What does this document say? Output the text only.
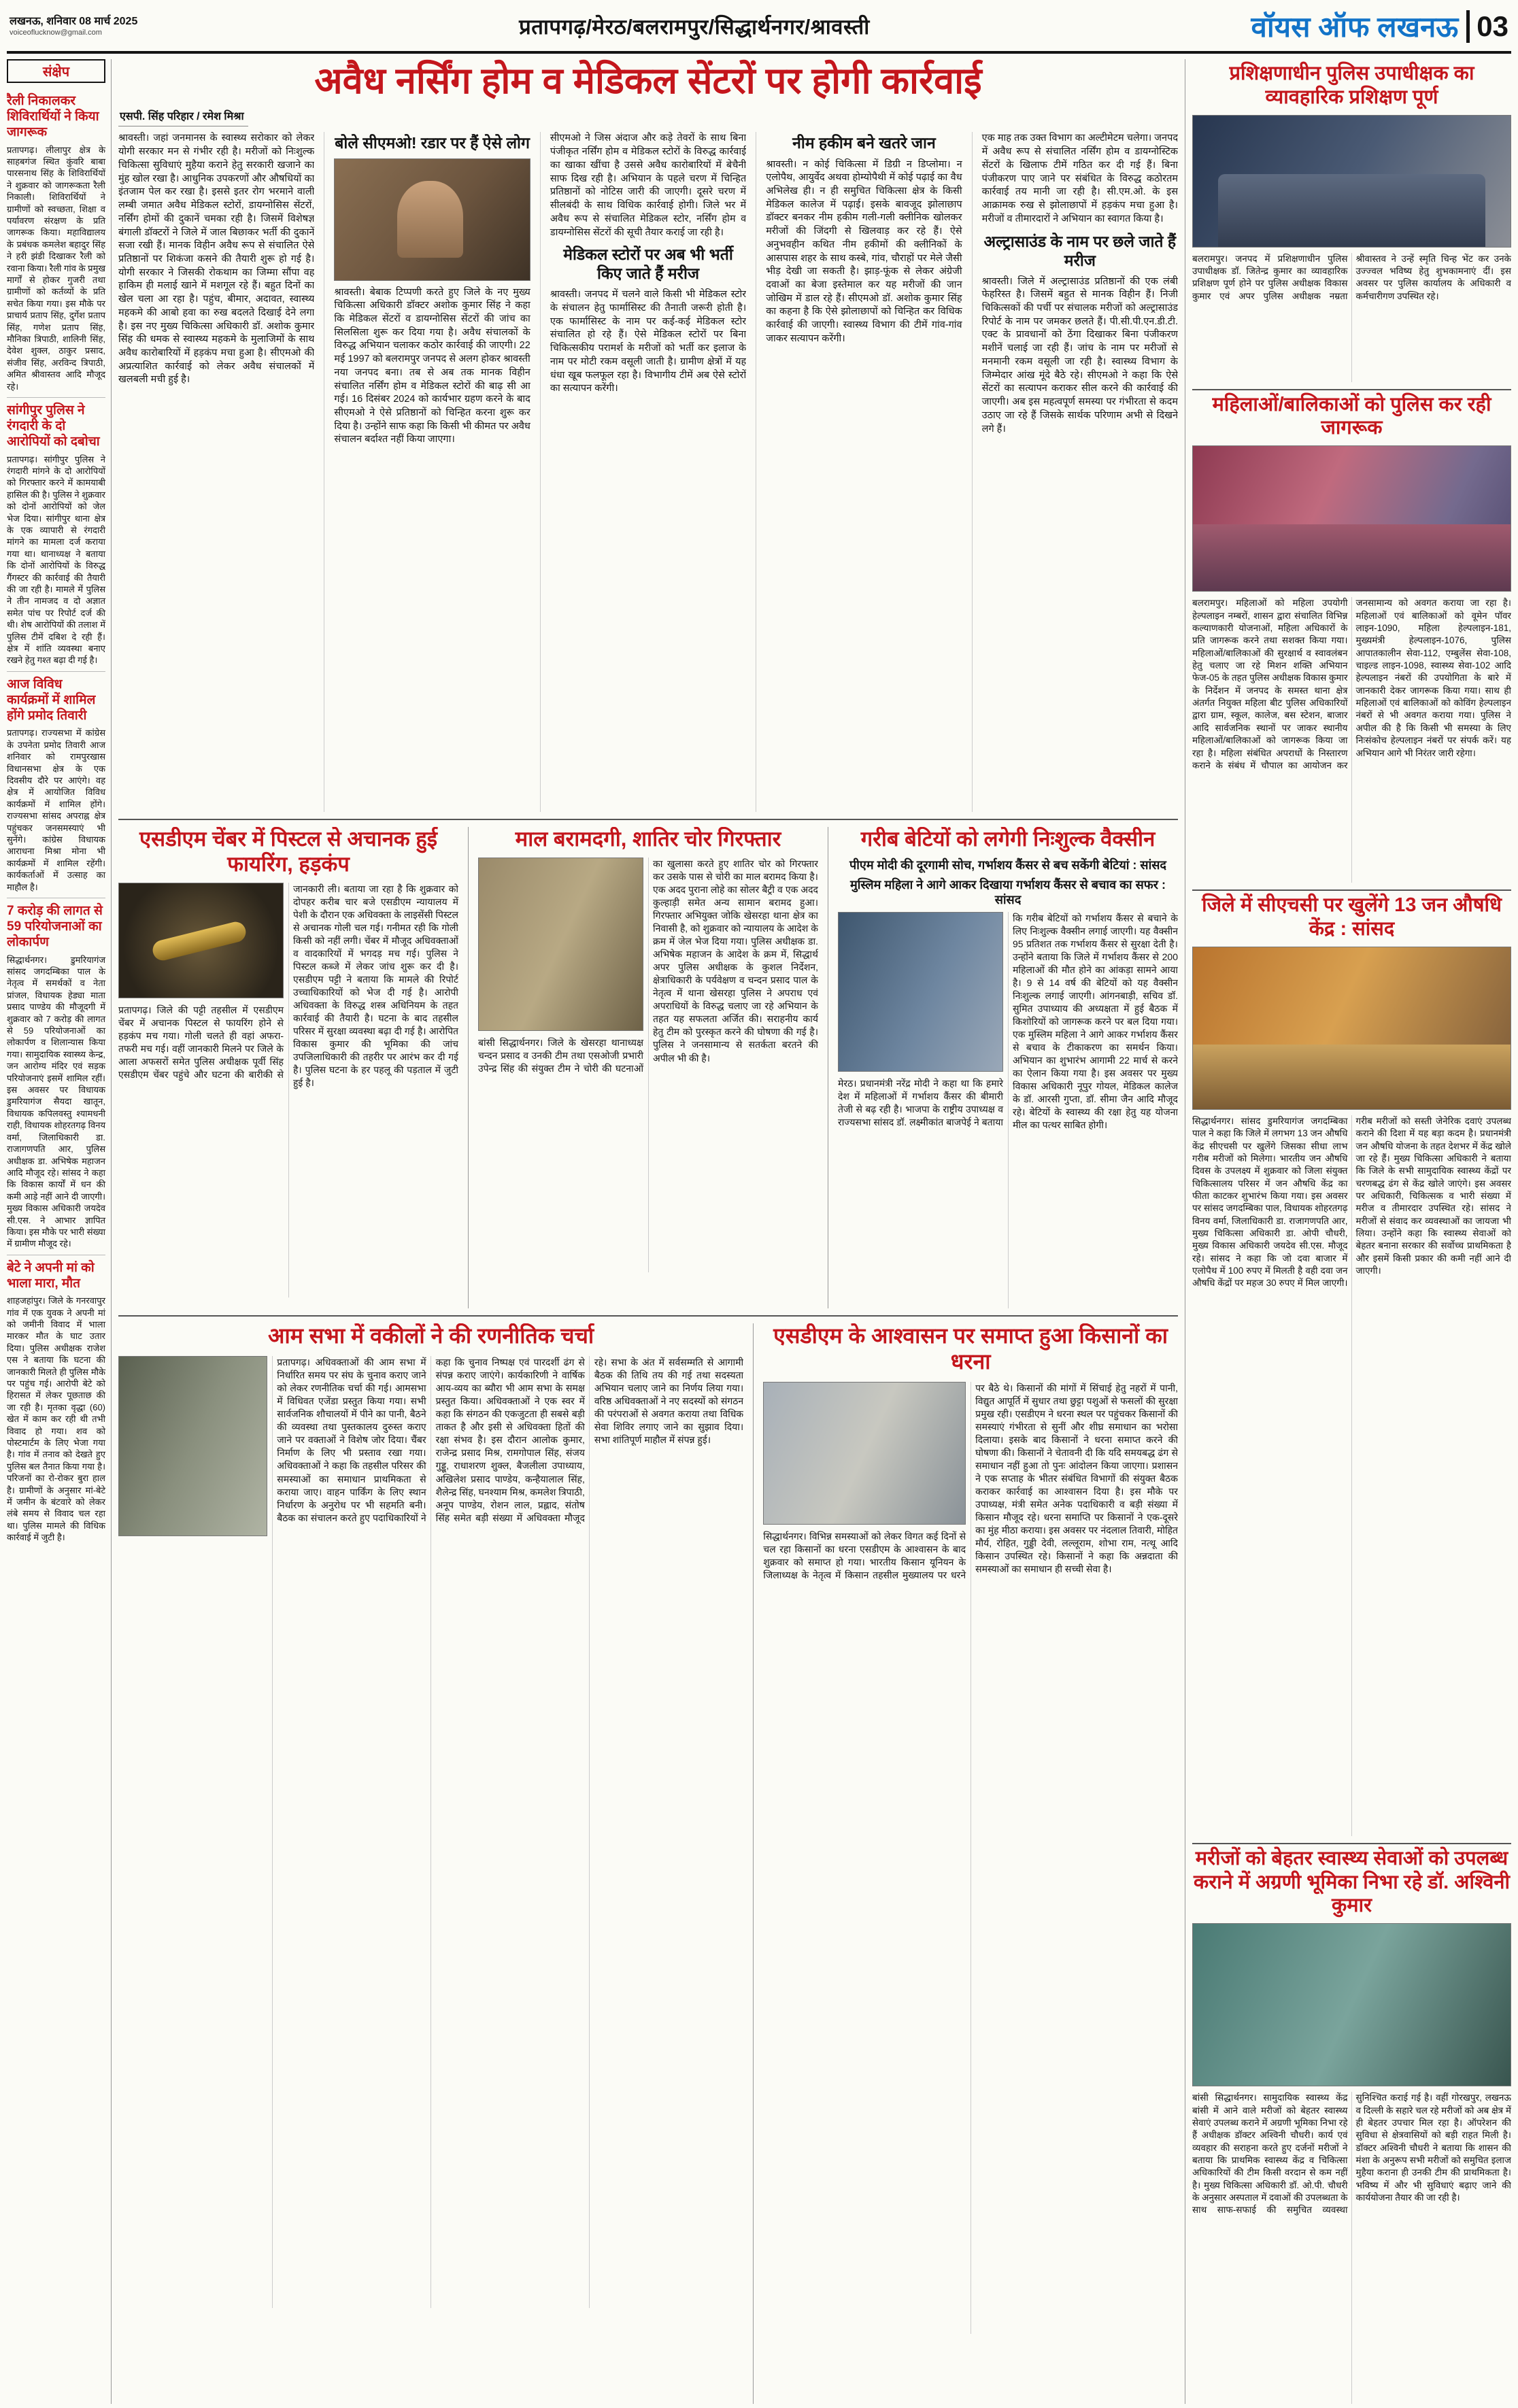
लखनऊ, शनिवार 08 मार्च 2025
voiceoflucknow@gmail.com	प्रतापगढ़/मेरठ/बलरामपुर/सिद्धार्थनगर/श्रावस्ती	वॉयस ऑफ लखनऊ 03
संक्षेप
रैली निकालकर शिविरार्थियों ने किया जागरूक

प्रतापगढ़। लीलापुर क्षेत्र के साहबगंज स्थित कुंवरि बाबा पारसनाथ सिंह के शिविरार्थियों ने शुक्रवार को जागरूकता रैली निकाली। शिविरार्थियों ने ग्रामीणों को स्वच्छता, शिक्षा व पर्यावरण संरक्षण के प्रति जागरूक किया। महाविद्यालय के प्रबंधक कमलेश बहादुर सिंह ने हरी झंडी दिखाकर रैली को रवाना किया। रैली गांव के प्रमुख मार्गों से होकर गुजरी तथा ग्रामीणों को कर्तव्यों के प्रति सचेत किया गया। इस मौके पर प्राचार्य प्रताप सिंह, दुर्गेश प्रताप सिंह, गणेश प्रताप सिंह, मौनिका त्रिपाठी, शालिनी सिंह, देवेश शुक्ल, ठाकुर प्रसाद, संजीव सिंह, अरविन्द त्रिपाठी, अमित श्रीवास्तव आदि मौजूद रहे।

सांगीपुर पुलिस ने रंगदारी के दो आरोपियों को दबोचा

प्रतापगढ़। सांगीपुर पुलिस ने रंगदारी मांगने के दो आरोपियों को गिरफ्तार करने में कामयाबी हासिल की है। पुलिस ने शुक्रवार को दोनों आरोपियों को जेल भेज दिया। सांगीपुर थाना क्षेत्र के एक व्यापारी से रंगदारी मांगने का मामला दर्ज कराया गया था। थानाध्यक्ष ने बताया कि दोनों आरोपियों के विरुद्ध गैंगस्टर की कार्रवाई की तैयारी की जा रही है। मामले में पुलिस ने तीन नामजद व दो अज्ञात समेत पांच पर रिपोर्ट दर्ज की थी। शेष आरोपियों की तलाश में पुलिस टीमें दबिश दे रही हैं। क्षेत्र में शांति व्यवस्था बनाए रखने हेतु गश्त बढ़ा दी गई है।

आज विविध कार्यक्रमों में शामिल होंगे प्रमोद तिवारी

प्रतापगढ़। राज्यसभा में कांग्रेस के उपनेता प्रमोद तिवारी आज शनिवार को रामपुरखास विधानसभा क्षेत्र के एक दिवसीय दौरे पर आएंगे। वह क्षेत्र में आयोजित विविध कार्यक्रमों में शामिल होंगे। राज्यसभा सांसद अपराह्न क्षेत्र पहुंचकर जनसमस्याएं भी सुनेंगे। कांग्रेस विधायक आराधना मिश्रा मोना भी कार्यक्रमों में शामिल रहेंगी। कार्यकर्ताओं में उत्साह का माहौल है।

7 करोड़ की लागत से 59 परियोजनाओं का लोकार्पण

सिद्धार्थनगर। डुमरियागंज सांसद जगदम्बिका पाल के नेतृत्व में समर्थकों व नेता प्रांजल, विधायक हेड्या माता प्रसाद पाण्डेय की मौजूदगी में शुक्रवार को 7 करोड़ की लागत से 59 परियोजनाओं का लोकार्पण व शिलान्यास किया गया। सामुदायिक स्वास्थ्य केन्द्र, जन आरोग्य मंदिर एवं सड़क परियोजनाएं इसमें शामिल रहीं। इस अवसर पर विधायक डुमरियागंज सैयदा खातून, विधायक कपिलवस्तु श्यामधनी राही, विधायक शोहरतगढ़ विनय वर्मा, जिलाधिकारी डा. राजागणपति आर, पुलिस अधीक्षक डा. अभिषेक महाजन आदि मौजूद रहे। सांसद ने कहा कि विकास कार्यों में धन की कमी आड़े नहीं आने दी जाएगी। मुख्य विकास अधिकारी जयदेव सी.एस. ने आभार ज्ञापित किया। इस मौके पर भारी संख्या में ग्रामीण मौजूद रहे।

बेटे ने अपनी मां को भाला मारा, मौत

शाहजहांपुर। जिले के गनरवापुर गांव में एक युवक ने अपनी मां को जमीनी विवाद में भाला मारकर मौत के घाट उतार दिया। पुलिस अधीक्षक राजेश एस ने बताया कि घटना की जानकारी मिलते ही पुलिस मौके पर पहुंच गई। आरोपी बेटे को हिरासत में लेकर पूछताछ की जा रही है। मृतका वृद्धा (60) खेत में काम कर रही थी तभी विवाद हो गया। शव को पोस्टमार्टम के लिए भेजा गया है। गांव में तनाव को देखते हुए पुलिस बल तैनात किया गया है। परिजनों का रो-रोकर बुरा हाल है। ग्रामीणों के अनुसार मां-बेटे में जमीन के बंटवारे को लेकर लंबे समय से विवाद चल रहा था। पुलिस मामले की विधिक कार्रवाई में जुटी है।

अवैध नर्सिंग होम व मेडिकल सेंटरों पर होगी कार्रवाई
एसपी. सिंह परिहार / रमेश मिश्रा

श्रावस्ती। जहां जनमानस के स्वास्थ्य सरोकार को लेकर योगी सरकार मन से गंभीर रही है। मरीजों को निःशुल्क चिकित्सा सुविधाएं मुहैया कराने हेतु सरकारी खजाने का मुंह खोल रखा है। आधुनिक उपकरणों और औषधियों का इंतजाम पेल कर रखा है। इससे इतर रोग भरमाने वाली लम्बी जमात अवैध मेडिकल स्टोरों, डायग्नोसिस सेंटरों, नर्सिंग होमों की दुकानें चमका रही है। जिसमें विशेषज्ञ बंगाली डॉक्टरों ने जिले में जाल बिछाकर भर्ती की दुकानें सजा रखी हैं। मानक विहीन अवैध रूप से संचालित ऐसे प्रतिष्ठानों पर शिकंजा कसने की तैयारी शुरू हो गई है। योगी सरकार ने जिसकी रोकथाम का जिम्मा सौंपा वह हाकिम ही मलाई खाने में मशगूल रहे हैं। बहुत दिनों का खेल चला आ रहा है। पहुंच, बीमार, अदावत, स्वास्थ्य महकमे की आबो हवा का रुख बदलते दिखाई देने लगा है। इस नए मुख्य चिकित्सा अधिकारी डॉ. अशोक कुमार सिंह की धमक से स्वास्थ्य महकमे के मुलाजिमों के साथ अवैध कारोबारियों में हड़कंप मचा हुआ है। सीएमओ की अप्रत्याशित कार्रवाई को लेकर अवैध संचालकों में खलबली मची हुई है।

बोले सीएमओ! रडार पर हैं ऐसे लोग

श्रावस्ती। बेबाक टिप्पणी करते हुए जिले के नए मुख्य चिकित्सा अधिकारी डॉक्टर अशोक कुमार सिंह ने कहा कि मेडिकल सेंटरों व डायग्नोसिस सेंटरों की जांच का सिलसिला शुरू कर दिया गया है। अवैध संचालकों के विरुद्ध अभियान चलाकर कठोर कार्रवाई की जाएगी। 22 मई 1997 को बलरामपुर जनपद से अलग होकर श्रावस्ती नया जनपद बना। तब से अब तक मानक विहीन संचालित नर्सिंग होम व मेडिकल स्टोरों की बाढ़ सी आ गई। 16 दिसंबर 2024 को कार्यभार ग्रहण करने के बाद सीएमओ ने ऐसे प्रतिष्ठानों को चिन्हित करना शुरू कर दिया है। उन्होंने साफ कहा कि किसी भी कीमत पर अवैध संचालन बर्दाश्त नहीं किया जाएगा।

सीएमओ ने जिस अंदाज और कड़े तेवरों के साथ बिना पंजीकृत नर्सिंग होम व मेडिकल स्टोरों के विरुद्ध कार्रवाई का खाका खींचा है उससे अवैध कारोबारियों में बेचैनी साफ दिख रही है। अभियान के पहले चरण में चिन्हित प्रतिष्ठानों को नोटिस जारी की जाएगी। दूसरे चरण में सीलबंदी के साथ विधिक कार्रवाई होगी। जिले भर में अवैध रूप से संचालित मेडिकल स्टोर, नर्सिंग होम व डायग्नोसिस सेंटरों की सूची तैयार कराई जा रही है।

मेडिकल स्टोरों पर अब भी भर्ती किए जाते हैं मरीज

श्रावस्ती। जनपद में चलने वाले किसी भी मेडिकल स्टोर के संचालन हेतु फार्मासिस्ट की तैनाती जरूरी होती है। एक फार्मासिस्ट के नाम पर कई-कई मेडिकल स्टोर संचालित हो रहे हैं। ऐसे मेडिकल स्टोरों पर बिना चिकित्सकीय परामर्श के मरीजों को भर्ती कर इलाज के नाम पर मोटी रकम वसूली जाती है। ग्रामीण क्षेत्रों में यह धंधा खूब फलफूल रहा है। विभागीय टीमें अब ऐसे स्टोरों का सत्यापन करेंगी।

नीम हकीम बने खतरे जान

श्रावस्ती। न कोई चिकित्सा में डिग्री न डिप्लोमा। न एलोपैथ, आयुर्वेद अथवा होम्योपैथी में कोई पढ़ाई का वैध अभिलेख ही। न ही समुचित चिकित्सा क्षेत्र के किसी मेडिकल कालेज में पढ़ाई। इसके बावजूद झोलाछाप डॉक्टर बनकर नीम हकीम गली-गली क्लीनिक खोलकर मरीजों की जिंदगी से खिलवाड़ कर रहे हैं। ऐसे अनुभवहीन कथित नीम हकीमों की क्लीनिकों के आसपास शहर के साथ कस्बे, गांव, चौराहों पर मेले जैसी भीड़ देखी जा सकती है। झाड़-फूंक से लेकर अंग्रेजी दवाओं का बेजा इस्तेमाल कर यह मरीजों की जान जोखिम में डाल रहे हैं। सीएमओ डॉ. अशोक कुमार सिंह का कहना है कि ऐसे झोलाछापों को चिन्हित कर विधिक कार्रवाई की जाएगी। स्वास्थ्य विभाग की टीमें गांव-गांव जाकर सत्यापन करेंगी।

एक माह तक उक्त विभाग का अल्टीमेटम चलेगा। जनपद में अवैध रूप से संचालित नर्सिंग होम व डायग्नोस्टिक सेंटरों के खिलाफ टीमें गठित कर दी गई हैं। बिना पंजीकरण पाए जाने पर संबंधित के विरुद्ध कठोरतम कार्रवाई तय मानी जा रही है। सी.एम.ओ. के इस आक्रामक रुख से झोलाछापों में हड़कंप मचा हुआ है। मरीजों व तीमारदारों ने अभियान का स्वागत किया है।

अल्ट्रासाउंड के नाम पर छले जाते हैं मरीज

श्रावस्ती। जिले में अल्ट्रासाउंड प्रतिष्ठानों की एक लंबी फेहरिस्त है। जिसमें बहुत से मानक विहीन हैं। निजी चिकित्सकों की पर्ची पर संचालक मरीजों को अल्ट्रासाउंड रिपोर्ट के नाम पर जमकर छलते हैं। पी.सी.पी.एन.डी.टी. एक्ट के प्रावधानों को ठेंगा दिखाकर बिना पंजीकरण मशीनें चलाई जा रही हैं। जांच के नाम पर मरीजों से मनमानी रकम वसूली जा रही है। स्वास्थ्य विभाग के जिम्मेदार आंख मूंदे बैठे रहे। सीएमओ ने कहा कि ऐसे सेंटरों का सत्यापन कराकर सील करने की कार्रवाई की जाएगी। अब इस महत्वपूर्ण समस्या पर गंभीरता से कदम उठाए जा रहे हैं जिसके सार्थक परिणाम अभी से दिखने लगे हैं।

एसडीएम चेंबर में पिस्टल से अचानक हुई फायरिंग, हड़कंप

प्रतापगढ़। जिले की पट्टी तहसील में एसडीएम चेंबर में अचानक पिस्टल से फायरिंग होने से हड़कंप मच गया। गोली चलते ही वहां अफरा-तफरी मच गई। वहीं जानकारी मिलने पर जिले के आला अफसरों समेत पुलिस अधीक्षक पूर्वी सिंह एसडीएम चेंबर पहुंचे और घटना की बारीकी से जानकारी ली। बताया जा रहा है कि शुक्रवार को दोपहर करीब चार बजे एसडीएम न्यायालय में पेशी के दौरान एक अधिवक्ता के लाइसेंसी पिस्टल से अचानक गोली चल गई। गनीमत रही कि गोली किसी को नहीं लगी। चेंबर में मौजूद अधिवक्ताओं व वादकारियों में भगदड़ मच गई। पुलिस ने पिस्टल कब्जे में लेकर जांच शुरू कर दी है। एसडीएम पट्टी ने बताया कि मामले की रिपोर्ट उच्चाधिकारियों को भेज दी गई है। आरोपी अधिवक्ता के विरुद्ध शस्त्र अधिनियम के तहत कार्रवाई की तैयारी है। घटना के बाद तहसील परिसर में सुरक्षा व्यवस्था बढ़ा दी गई है। आरोपित विकास कुमार की भूमिका की जांच उपजिलाधिकारी की तहरीर पर आरंभ कर दी गई है। पुलिस घटना के हर पहलू की पड़ताल में जुटी हुई है।

माल बरामदगी, शातिर चोर गिरफ्तार

बांसी सिद्धार्थनगर। जिले के खेसरहा थानाध्यक्ष चन्दन प्रसाद व उनकी टीम तथा एसओजी प्रभारी उपेन्द्र सिंह की संयुक्त टीम ने चोरी की घटनाओं का खुलासा करते हुए शातिर चोर को गिरफ्तार कर उसके पास से चोरी का माल बरामद किया है। एक अदद पुराना लोहे का सोलर बैट्री व एक अदद कुल्हाड़ी समेत अन्य सामान बरामद हुआ। गिरफ्तार अभियुक्त जोकि खेसरहा थाना क्षेत्र का निवासी है, को शुक्रवार को न्यायालय के आदेश के क्रम में जेल भेज दिया गया। पुलिस अधीक्षक डा. अभिषेक महाजन के आदेश के क्रम में, सिद्धार्थ अपर पुलिस अधीक्षक के कुशल निर्देशन, क्षेत्राधिकारी के पर्यवेक्षण व चन्दन प्रसाद पाल के नेतृत्व में थाना खेसरहा पुलिस ने अपराध एवं अपराधियों के विरुद्ध चलाए जा रहे अभियान के तहत यह सफलता अर्जित की। सराहनीय कार्य हेतु टीम को पुरस्कृत करने की घोषणा की गई है। पुलिस ने जनसामान्य से सतर्कता बरतने की अपील भी की है।

गरीब बेटियों को लगेगी निःशुल्क वैक्सीन
पीएम मोदी की दूरगामी सोच, गर्भाशय कैंसर से बच सकेंगी बेटियां : सांसद
मुस्लिम महिला ने आगे आकर दिखाया गर्भाशय कैंसर से बचाव का सफर : सांसद

मेरठ। प्रधानमंत्री नरेंद्र मोदी ने कहा था कि हमारे देश में महिलाओं में गर्भाशय कैंसर की बीमारी तेजी से बढ़ रही है। भाजपा के राष्ट्रीय उपाध्यक्ष व राज्यसभा सांसद डॉ. लक्ष्मीकांत बाजपेई ने बताया कि गरीब बेटियों को गर्भाशय कैंसर से बचाने के लिए निःशुल्क वैक्सीन लगाई जाएगी। यह वैक्सीन 95 प्रतिशत तक गर्भाशय कैंसर से सुरक्षा देती है। उन्होंने बताया कि जिले में गर्भाशय कैंसर से 200 महिलाओं की मौत होने का आंकड़ा सामने आया है। 9 से 14 वर्ष की बेटियों को यह वैक्सीन निःशुल्क लगाई जाएगी। आंगनबाड़ी, सचिव डॉ. सुमित उपाध्याय की अध्यक्षता में हुई बैठक में किशोरियों को जागरूक करने पर बल दिया गया। एक मुस्लिम महिला ने आगे आकर गर्भाशय कैंसर से बचाव के टीकाकरण का समर्थन किया। अभियान का शुभारंभ आगामी 22 मार्च से करने का ऐलान किया गया है। इस अवसर पर मुख्य विकास अधिकारी नूपुर गोयल, मेडिकल कालेज के डॉ. आरसी गुप्ता, डॉ. सीमा जैन आदि मौजूद रहे। बेटियों के स्वास्थ्य की रक्षा हेतु यह योजना मील का पत्थर साबित होगी।

आम सभा में वकीलों ने की रणनीतिक चर्चा

प्रतापगढ़। अधिवक्ताओं की आम सभा में निर्धारित समय पर संघ के चुनाव कराए जाने को लेकर रणनीतिक चर्चा की गई। आमसभा में विधिवत एजेंडा प्रस्तुत किया गया। सभी सार्वजनिक शौचालयों में पीने का पानी, बैठने की व्यवस्था तथा पुस्तकालय दुरुस्त कराए जाने पर वक्ताओं ने विशेष जोर दिया। चैंबर निर्माण के लिए भी प्रस्ताव रखा गया। अधिवक्ताओं ने कहा कि तहसील परिसर की समस्याओं का समाधान प्राथमिकता से कराया जाए। वाहन पार्किंग के लिए स्थान निर्धारण के अनुरोध पर भी सहमति बनी। बैठक का संचालन करते हुए पदाधिकारियों ने कहा कि चुनाव निष्पक्ष एवं पारदर्शी ढंग से संपन्न कराए जाएंगे। कार्यकारिणी ने वार्षिक आय-व्यय का ब्यौरा भी आम सभा के समक्ष प्रस्तुत किया। अधिवक्ताओं ने एक स्वर में कहा कि संगठन की एकजुटता ही सबसे बड़ी ताकत है और इसी से अधिवक्ता हितों की रक्षा संभव है। इस दौरान आलोक कुमार, राजेन्द्र प्रसाद मिश्र, रामगोपाल सिंह, संजय गुड्डू, राधाशरण शुक्ल, बैजलीला उपाध्याय, अखिलेश प्रसाद पाण्डेय, कन्हैयालाल सिंह, शैलेन्द्र सिंह, घनश्याम मिश्र, कमलेश त्रिपाठी, अनूप पाण्डेय, रोशन लाल, प्रह्लाद, संतोष सिंह समेत बड़ी संख्या में अधिवक्ता मौजूद रहे। सभा के अंत में सर्वसम्मति से आगामी बैठक की तिथि तय की गई तथा सदस्यता अभियान चलाए जाने का निर्णय लिया गया। वरिष्ठ अधिवक्ताओं ने नए सदस्यों को संगठन की परंपराओं से अवगत कराया तथा विधिक सेवा शिविर लगाए जाने का सुझाव दिया। सभा शांतिपूर्ण माहौल में संपन्न हुई।

एसडीएम के आश्वासन पर समाप्त हुआ किसानों का धरना

सिद्धार्थनगर। विभिन्न समस्याओं को लेकर विगत कई दिनों से चल रहा किसानों का धरना एसडीएम के आश्वासन के बाद शुक्रवार को समाप्त हो गया। भारतीय किसान यूनियन के जिलाध्यक्ष के नेतृत्व में किसान तहसील मुख्यालय पर धरने पर बैठे थे। किसानों की मांगों में सिंचाई हेतु नहरों में पानी, विद्युत आपूर्ति में सुधार तथा छुट्टा पशुओं से फसलों की सुरक्षा प्रमुख रही। एसडीएम ने धरना स्थल पर पहुंचकर किसानों की समस्याएं गंभीरता से सुनीं और शीघ्र समाधान का भरोसा दिलाया। इसके बाद किसानों ने धरना समाप्त करने की घोषणा की। किसानों ने चेतावनी दी कि यदि समयबद्ध ढंग से समाधान नहीं हुआ तो पुनः आंदोलन किया जाएगा। प्रशासन ने एक सप्ताह के भीतर संबंधित विभागों की संयुक्त बैठक कराकर कार्रवाई का आश्वासन दिया है। इस मौके पर उपाध्यक्ष, मंत्री समेत अनेक पदाधिकारी व बड़ी संख्या में किसान मौजूद रहे। धरना समाप्ति पर किसानों ने एक-दूसरे का मुंह मीठा कराया। इस अवसर पर नंदलाल तिवारी, मोहित मौर्य, रोहित, गुड्डी देवी, लल्लूराम, शोभा राम, नत्थू आदि किसान उपस्थित रहे। किसानों ने कहा कि अन्नदाता की समस्याओं का समाधान ही सच्ची सेवा है।

प्रशिक्षणाधीन पुलिस उपाधीक्षक का व्यावहारिक प्रशिक्षण पूर्ण

बलरामपुर। जनपद में प्रशिक्षणाधीन पुलिस उपाधीक्षक डॉ. जितेन्द्र कुमार का व्यावहारिक प्रशिक्षण पूर्ण होने पर पुलिस अधीक्षक विकास कुमार एवं अपर पुलिस अधीक्षक नम्रता श्रीवास्तव ने उन्हें स्मृति चिन्ह भेंट कर उनके उज्ज्वल भविष्य हेतु शुभकामनाएं दीं। इस अवसर पर पुलिस कार्यालय के अधिकारी व कर्मचारीगण उपस्थित रहे।

महिलाओं/बालिकाओं को पुलिस कर रही जागरूक

बलरामपुर। महिलाओं को महिला उपयोगी हेल्पलाइन नम्बरों, शासन द्वारा संचालित विभिन्न कल्याणकारी योजनाओं, महिला अधिकारों के प्रति जागरूक करने तथा सशक्त किया गया। महिलाओं/बालिकाओं की सुरक्षार्थ व स्वावलंबन हेतु चलाए जा रहे मिशन शक्ति अभियान फेज-05 के तहत पुलिस अधीक्षक विकास कुमार के निर्देशन में जनपद के समस्त थाना क्षेत्र अंतर्गत नियुक्त महिला बीट पुलिस अधिकारियों द्वारा ग्राम, स्कूल, कालेज, बस स्टेशन, बाजार आदि सार्वजनिक स्थानों पर जाकर स्थानीय महिलाओं/बालिकाओं को जागरूक किया जा रहा है। महिला संबंधित अपराधों के निस्तारण कराने के संबंध में चौपाल का आयोजन कर जनसामान्य को अवगत कराया जा रहा है। महिलाओं एवं बालिकाओं को वूमेन पॉवर लाइन-1090, महिला हेल्पलाइन-181, मुख्यमंत्री हेल्पलाइन-1076, पुलिस आपातकालीन सेवा-112, एम्बुलेंस सेवा-108, चाइल्ड लाइन-1098, स्वास्थ्य सेवा-102 आदि हेल्पलाइन नंबरों की उपयोगिता के बारे में जानकारी देकर जागरूक किया गया। साथ ही महिलाओं एवं बालिकाओं को कोविंग हेल्पलाइन नंबरों से भी अवगत कराया गया। पुलिस ने अपील की है कि किसी भी समस्या के लिए निःसंकोच हेल्पलाइन नंबरों पर संपर्क करें। यह अभियान आगे भी निरंतर जारी रहेगा।

जिले में सीएचसी पर खुलेंगे 13 जन औषधि केंद्र : सांसद

सिद्धार्थनगर। सांसद डुमरियागंज जगदम्बिका पाल ने कहा कि जिले में लगभग 13 जन औषधि केंद्र सीएचसी पर खुलेंगे जिसका सीधा लाभ गरीब मरीजों को मिलेगा। भारतीय जन औषधि दिवस के उपलक्ष्य में शुक्रवार को जिला संयुक्त चिकित्सालय परिसर में जन औषधि केंद्र का फीता काटकर शुभारंभ किया गया। इस अवसर पर सांसद जगदम्बिका पाल, विधायक शोहरतगढ़ विनय वर्मा, जिलाधिकारी डा. राजागणपति आर, मुख्य चिकित्सा अधिकारी डा. ओपी चौधरी, मुख्य विकास अधिकारी जयदेव सी.एस. मौजूद रहे। सांसद ने कहा कि जो दवा बाजार में एलोपैथ में 100 रुपए में मिलती है वही दवा जन औषधि केंद्रों पर महज 30 रुपए में मिल जाएगी। गरीब मरीजों को सस्ती जेनेरिक दवाएं उपलब्ध कराने की दिशा में यह बड़ा कदम है। प्रधानमंत्री जन औषधि योजना के तहत देशभर में केंद्र खोले जा रहे हैं। मुख्य चिकित्सा अधिकारी ने बताया कि जिले के सभी सामुदायिक स्वास्थ्य केंद्रों पर चरणबद्ध ढंग से केंद्र खोले जाएंगे। इस अवसर पर अधिकारी, चिकित्सक व भारी संख्या में मरीज व तीमारदार उपस्थित रहे। सांसद ने मरीजों से संवाद कर व्यवस्थाओं का जायजा भी लिया। उन्होंने कहा कि स्वास्थ्य सेवाओं को बेहतर बनाना सरकार की सर्वोच्च प्राथमिकता है और इसमें किसी प्रकार की कमी नहीं आने दी जाएगी।

मरीजों को बेहतर स्वास्थ्य सेवाओं को उपलब्ध कराने में अग्रणी भूमिका निभा रहे डॉ. अश्विनी कुमार

बांसी सिद्धार्थनगर। सामुदायिक स्वास्थ्य केंद्र बांसी में आने वाले मरीजों को बेहतर स्वास्थ्य सेवाएं उपलब्ध कराने में अग्रणी भूमिका निभा रहे हैं अधीक्षक डॉक्टर अश्विनी चौधरी। कार्य एवं व्यवहार की सराहना करते हुए दर्जनों मरीजों ने बताया कि प्राथमिक स्वास्थ्य केंद्र व चिकित्सा अधिकारियों की टीम किसी वरदान से कम नहीं है। मुख्य चिकित्सा अधिकारी डॉ. ओ.पी. चौधरी के अनुसार अस्पताल में दवाओं की उपलब्धता के साथ साफ-सफाई की समुचित व्यवस्था सुनिश्चित कराई गई है। वहीं गोरखपुर, लखनऊ व दिल्ली के सहारे चल रहे मरीजों को अब क्षेत्र में ही बेहतर उपचार मिल रहा है। ऑपरेशन की सुविधा से क्षेत्रवासियों को बड़ी राहत मिली है। डॉक्टर अश्विनी चौधरी ने बताया कि शासन की मंशा के अनुरूप सभी मरीजों को समुचित इलाज मुहैया कराना ही उनकी टीम की प्राथमिकता है। भविष्य में और भी सुविधाएं बढ़ाए जाने की कार्ययोजना तैयार की जा रही है।
